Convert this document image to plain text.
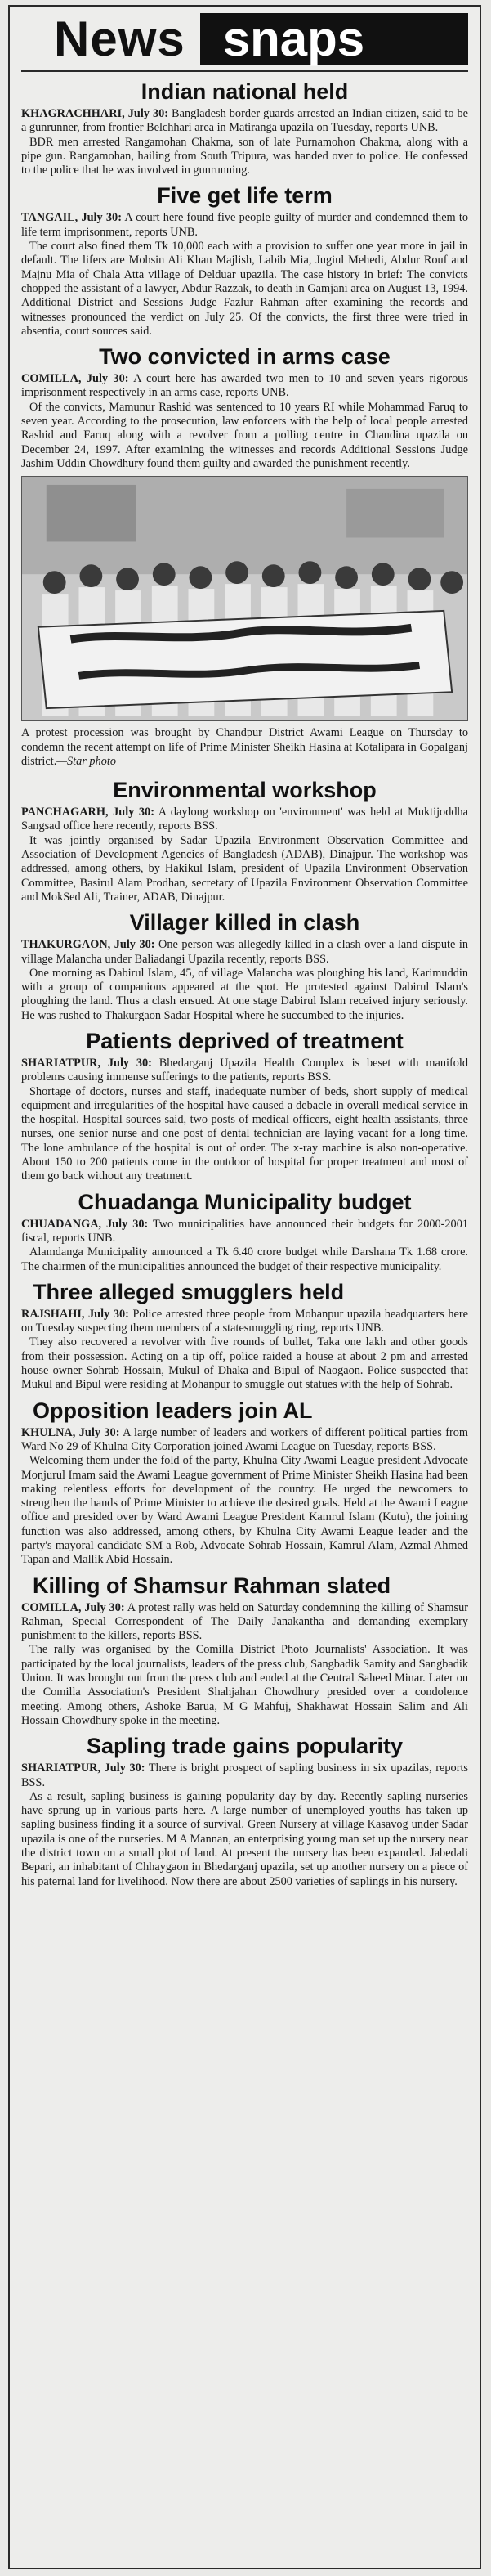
News snaps
Indian national held

KHAGRACHHARI, July 30: Bangladesh border guards arrested an Indian citizen, said to be a gunrunner, from frontier Belchhari area in Matiranga upazila on Tuesday, reports UNB.

BDR men arrested Rangamohan Chakma, son of late Purnamohon Chakma, along with a pipe gun. Rangamohan, hailing from South Tripura, was handed over to police. He confessed to the police that he was involved in gunrunning.

Five get life term

TANGAIL, July 30: A court here found five people guilty of murder and condemned them to life term imprisonment, reports UNB.

The court also fined them Tk 10,000 each with a provision to suffer one year more in jail in default. The lifers are Mohsin Ali Khan Majlish, Labib Mia, Jugiul Mehedi, Abdur Rouf and Majnu Mia of Chala Atta village of Delduar upazila. The case history in brief: The convicts chopped the assistant of a lawyer, Abdur Razzak, to death in Gamjani area on August 13, 1994. Additional District and Sessions Judge Fazlur Rahman after examining the records and witnesses pronounced the verdict on July 25. Of the convicts, the first three were tried in absentia, court sources said.

Two convicted in arms case

COMILLA, July 30: A court here has awarded two men to 10 and seven years rigorous imprisonment respectively in an arms case, reports UNB.

Of the convicts, Mamunur Rashid was sentenced to 10 years RI while Mohammad Faruq to seven year. According to the prosecution, law enforcers with the help of local people arrested Rashid and Faruq along with a revolver from a polling centre in Chandina upazila on December 24, 1997. After examining the witnesses and records Additional Sessions Judge Jashim Uddin Chowdhury found them guilty and awarded the punishment recently.

A protest procession was brought by Chandpur District Awami League on Thursday to condemn the recent attempt on life of Prime Minister Sheikh Hasina at Kotalipara in Gopalganj district.—Star photo

Environmental workshop

PANCHAGARH, July 30: A daylong workshop on 'environment' was held at Muktijoddha Sangsad office here recently, reports BSS.

It was jointly organised by Sadar Upazila Environment Observation Committee and Association of Development Agencies of Bangladesh (ADAB), Dinajpur. The workshop was addressed, among others, by Hakikul Islam, president of Upazila Environment Observation Committee, Basirul Alam Prodhan, secretary of Upazila Environment Observation Committee and MokSed Ali, Trainer, ADAB, Dinajpur.

Villager killed in clash

THAKURGAON, July 30: One person was allegedly killed in a clash over a land dispute in village Malancha under Baliadangi Upazila recently, reports BSS.

One morning as Dabirul Islam, 45, of village Malancha was ploughing his land, Karimuddin with a group of companions appeared at the spot. He protested against Dabirul Islam's ploughing the land. Thus a clash ensued. At one stage Dabirul Islam received injury seriously. He was rushed to Thakurgaon Sadar Hospital where he succumbed to the injuries.

Patients deprived of treatment

SHARIATPUR, July 30: Bhedarganj Upazila Health Complex is beset with manifold problems causing immense sufferings to the patients, reports BSS.

Shortage of doctors, nurses and staff, inadequate number of beds, short supply of medical equipment and irregularities of the hospital have caused a debacle in overall medical service in the hospital. Hospital sources said, two posts of medical officers, eight health assistants, three nurses, one senior nurse and one post of dental technician are laying vacant for a long time. The lone ambulance of the hospital is out of order. The x-ray machine is also non-operative. About 150 to 200 patients come in the outdoor of hospital for proper treatment and most of them go back without any treatment.

Chuadanga Municipality budget

CHUADANGA, July 30: Two municipalities have announced their budgets for 2000-2001 fiscal, reports UNB.

Alamdanga Municipality announced a Tk 6.40 crore budget while Darshana Tk 1.68 crore. The chairmen of the municipalities announced the budget of their respective municipality.

Three alleged smugglers held

RAJSHAHI, July 30: Police arrested three people from Mohanpur upazila headquarters here on Tuesday suspecting them members of a statesmuggling ring, reports UNB.

They also recovered a revolver with five rounds of bullet, Taka one lakh and other goods from their possession. Acting on a tip off, police raided a house at about 2 pm and arrested house owner Sohrab Hossain, Mukul of Dhaka and Bipul of Naogaon. Police suspected that Mukul and Bipul were residing at Mohanpur to smuggle out statues with the help of Sohrab.

Opposition leaders join AL

KHULNA, July 30: A large number of leaders and workers of different political parties from Ward No 29 of Khulna City Corporation joined Awami League on Tuesday, reports BSS.

Welcoming them under the fold of the party, Khulna City Awami League president Advocate Monjurul Imam said the Awami League government of Prime Minister Sheikh Hasina had been making relentless efforts for development of the country. He urged the newcomers to strengthen the hands of Prime Minister to achieve the desired goals. Held at the Awami League office and presided over by Ward Awami League President Kamrul Islam (Kutu), the joining function was also addressed, among others, by Khulna City Awami League leader and the party's mayoral candidate SM a Rob, Advocate Sohrab Hossain, Kamrul Alam, Azmal Ahmed Tapan and Mallik Abid Hossain.

Killing of Shamsur Rahman slated

COMILLA, July 30: A protest rally was held on Saturday condemning the killing of Shamsur Rahman, Special Correspondent of The Daily Janakantha and demanding exemplary punishment to the killers, reports BSS.

The rally was organised by the Comilla District Photo Journalists' Association. It was participated by the local journalists, leaders of the press club, Sangbadik Samity and Sangbadik Union. It was brought out from the press club and ended at the Central Saheed Minar. Later on the Comilla Association's President Shahjahan Chowdhury presided over a condolence meeting. Among others, Ashoke Barua, M G Mahfuj, Shakhawat Hossain Salim and Ali Hossain Chowdhury spoke in the meeting.

Sapling trade gains popularity

SHARIATPUR, July 30: There is bright prospect of sapling business in six upazilas, reports BSS.

As a result, sapling business is gaining popularity day by day. Recently sapling nurseries have sprung up in various parts here. A large number of unemployed youths has taken up sapling business finding it a source of survival. Green Nursery at village Kasavog under Sadar upazila is one of the nurseries. M A Mannan, an enterprising young man set up the nursery near the district town on a small plot of land. At present the nursery has been expanded. Jabedali Bepari, an inhabitant of Chhaygaon in Bhedarganj upazila, set up another nursery on a piece of his paternal land for livelihood. Now there are about 2500 varieties of saplings in his nursery.
